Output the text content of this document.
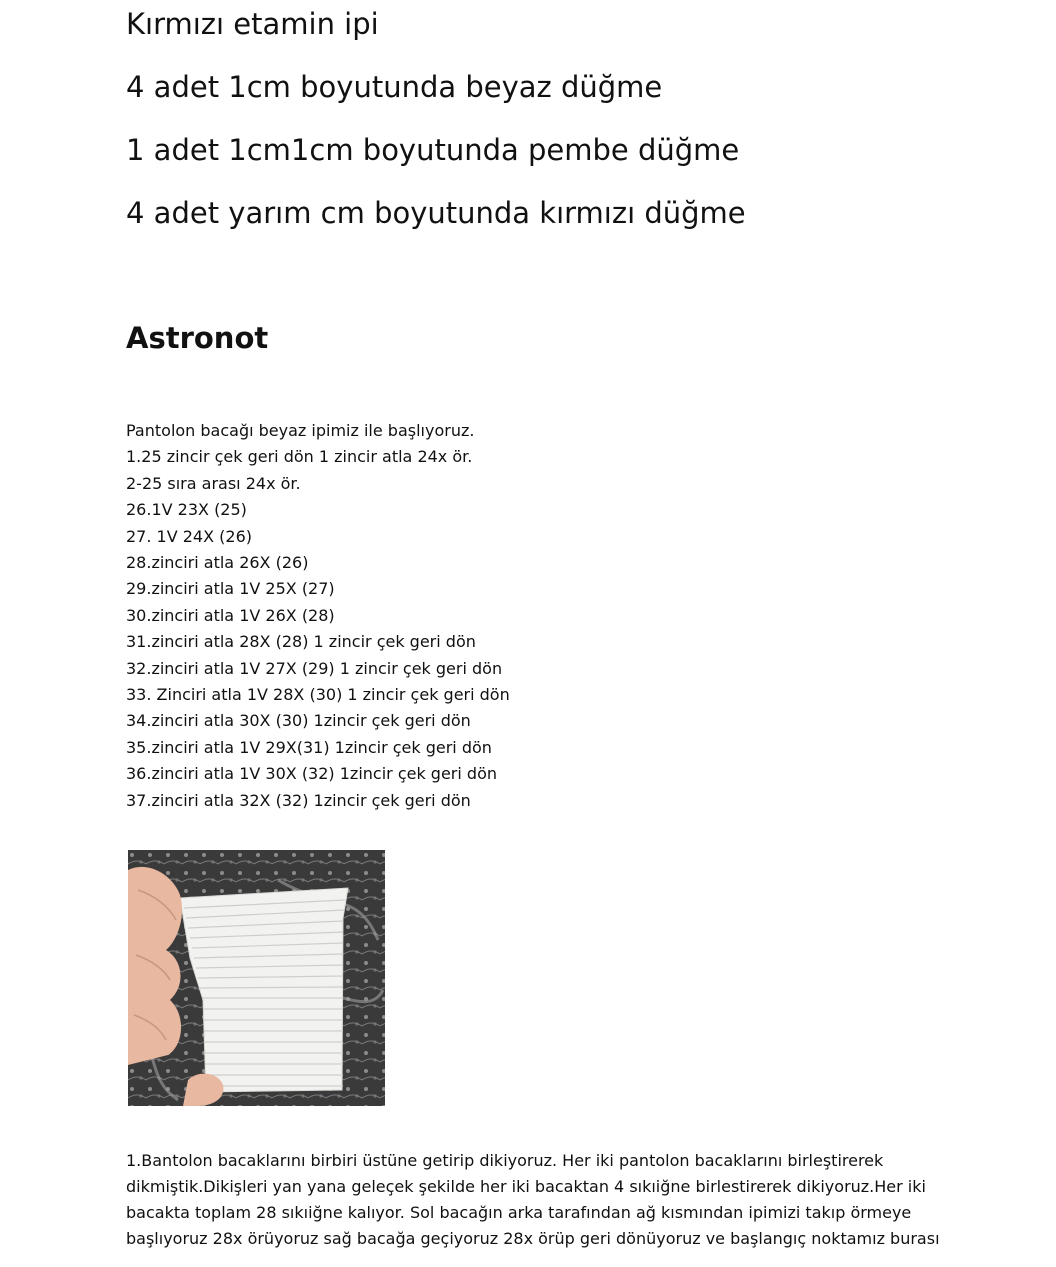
Kırmızı etamin ipi
4 adet 1cm boyutunda beyaz düğme
1 adet 1cm1cm boyutunda pembe düğme
4 adet yarım cm boyutunda kırmızı düğme
Astronot
Pantolon bacağı beyaz ipimiz ile başlıyoruz.
1.25 zincir çek geri dön 1 zincir atla 24x ör.
2-25 sıra arası 24x ör.
26.1V 23X (25)
27. 1V 24X (26)
28.zinciri atla 26X (26)
29.zinciri atla 1V 25X (27)
30.zinciri atla 1V 26X (28)
31.zinciri atla 28X (28) 1 zincir çek geri dön
32.zinciri atla 1V 27X (29) 1 zincir çek geri dön
33. Zinciri atla 1V 28X (30) 1 zincir çek geri dön
34.zinciri atla 30X (30) 1zincir çek geri dön
35.zinciri atla 1V 29X(31) 1zincir çek geri dön
36.zinciri atla 1V 30X (32) 1zincir çek geri dön
37.zinciri atla 32X (32) 1zincir çek geri dön

1.Bantolon bacaklarını birbiri üstüne getirip dikiyoruz. Her iki pantolon bacaklarını birleştirerek dikmiştik.Dikişleri yan yana geleçek şekilde her iki bacaktan 4 sıkıiğne birlestirerek dikiyoruz.Her iki bacakta toplam 28 sıkıiğne kalıyor. Sol bacağın arka tarafından ağ kısmından ipimizi takıp örmeye başlıyoruz 28x örüyoruz sağ bacağa geçiyoruz 28x örüp geri dönüyoruz ve başlangıç noktamız burası
